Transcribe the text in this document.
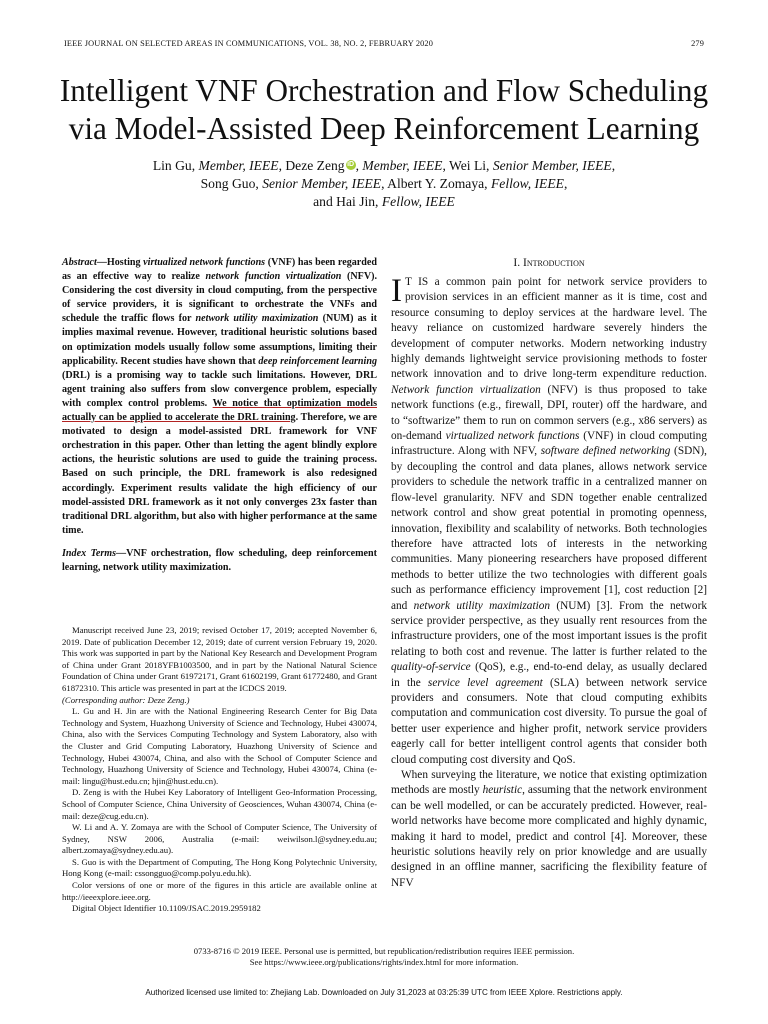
IEEE JOURNAL ON SELECTED AREAS IN COMMUNICATIONS, VOL. 38, NO. 2, FEBRUARY 2020	279
Intelligent VNF Orchestration and Flow Scheduling
via Model-Assisted Deep Reinforcement Learning
Lin Gu, Member, IEEE, Deze Zeng iD , Member, IEEE, Wei Li, Senior Member, IEEE,
Song Guo, Senior Member, IEEE, Albert Y. Zomaya, Fellow, IEEE,
and Hai Jin, Fellow, IEEE
Abstract—Hosting virtualized network functions (VNF) has been regarded as an effective way to realize network function virtualization (NFV). Considering the cost diversity in cloud computing, from the perspective of service providers, it is significant to orchestrate the VNFs and schedule the traffic flows for network utility maximization (NUM) as it implies maximal revenue. However, traditional heuristic solutions based on optimization models usually follow some assumptions, limiting their applicability. Recent studies have shown that deep reinforcement learning (DRL) is a promising way to tackle such limitations. However, DRL agent training also suffers from slow convergence problem, especially with complex control problems. We notice that optimization models actually can be applied to accelerate the DRL training. Therefore, we are motivated to design a model-assisted DRL framework for VNF orchestration in this paper. Other than letting the agent blindly explore actions, the heuristic solutions are used to guide the training process. Based on such principle, the DRL framework is also redesigned accordingly. Experiment results validate the high efficiency of our model-assisted DRL framework as it not only converges 23x faster than traditional DRL algorithm, but also with higher performance at the same time.
Index Terms—VNF orchestration, flow scheduling, deep reinforcement learning, network utility maximization.

Manuscript received June 23, 2019; revised October 17, 2019; accepted November 6, 2019. Date of publication December 12, 2019; date of current version February 19, 2020. This work was supported in part by the National Key Research and Development Program of China under Grant 2018YFB1003500, and in part by the National Natural Science Foundation of China under Grant 61972171, Grant 61602199, Grant 61772480, and Grant 61872310. This article was presented in part at the ICDCS 2019.

(Corresponding author: Deze Zeng.)

L. Gu and H. Jin are with the National Engineering Research Center for Big Data Technology and System, Huazhong University of Science and Technology, Hubei 430074, China, also with the Services Computing Technology and System Laboratory, also with the Cluster and Grid Computing Laboratory, Huazhong University of Science and Technology, Hubei 430074, China, and also with the School of Computer Science and Technology, Huazhong University of Science and Technology, Hubei 430074, China (e-mail: lingu@hust.edu.cn; hjin@hust.edu.cn).

D. Zeng is with the Hubei Key Laboratory of Intelligent Geo-Information Processing, School of Computer Science, China University of Geosciences, Wuhan 430074, China (e-mail: deze@cug.edu.cn).

W. Li and A. Y. Zomaya are with the School of Computer Science, The University of Sydney, NSW 2006, Australia (e-mail: weiwilson.l@sydney.edu.au; albert.zomaya@sydney.edu.au).

S. Guo is with the Department of Computing, The Hong Kong Polytechnic University, Hong Kong (e-mail: cssongguo@comp.polyu.edu.hk).

Color versions of one or more of the figures in this article are available online at http://ieeexplore.ieee.org.

Digital Object Identifier 10.1109/JSAC.2019.2959182

I. Introduction

I T IS a common pain point for network service providers to provision services in an efficient manner as it is time, cost and resource consuming to deploy services at the hardware level. The heavy reliance on customized hardware severely hinders the development of computer networks. Modern networking industry highly demands lightweight service provisioning methods to foster network innovation and to drive long-term expenditure reduction. Network function virtualization (NFV) is thus proposed to take network functions (e.g., firewall, DPI, router) off the hardware, and to “softwarize” them to run on common servers (e.g., x86 servers) as on-demand virtualized network functions (VNF) in cloud computing infrastructure. Along with NFV, software defined networking (SDN), by decoupling the control and data planes, allows network service providers to schedule the network traffic in a centralized manner on flow-level granularity. NFV and SDN together enable centralized network control and show great potential in promoting openness, innovation, flexibility and scalability of networks. Both technologies therefore have attracted lots of interests in the networking communities. Many pioneering researchers have proposed different methods to better utilize the two technologies with different goals such as performance efficiency improvement [1], cost reduction [2] and network utility maximization (NUM) [3]. From the network service provider perspective, as they usually rent resources from the infrastructure providers, one of the most important issues is the profit relating to both cost and revenue. The latter is further related to the quality-of-service (QoS), e.g., end-to-end delay, as usually declared in the service level agreement (SLA) between network service providers and consumers. Note that cloud computing exhibits computation and communication cost diversity. To pursue the goal of better user experience and higher profit, network service providers eagerly call for better intelligent control agents that consider both cloud computing cost diversity and QoS.

When surveying the literature, we notice that existing optimization methods are mostly heuristic, assuming that the network environment can be well modelled, or can be accurately predicted. However, real-world networks have become more complicated and highly dynamic, making it hard to model, predict and control [4]. Moreover, these heuristic solutions heavily rely on prior knowledge and are usually designed in an offline manner, sacrificing the flexibility feature of NFV

0733-8716 © 2019 IEEE. Personal use is permitted, but republication/redistribution requires IEEE permission.
See https://www.ieee.org/publications/rights/index.html for more information.
Authorized licensed use limited to: Zhejiang Lab. Downloaded on July 31,2023 at 03:25:39 UTC from IEEE Xplore. Restrictions apply.
